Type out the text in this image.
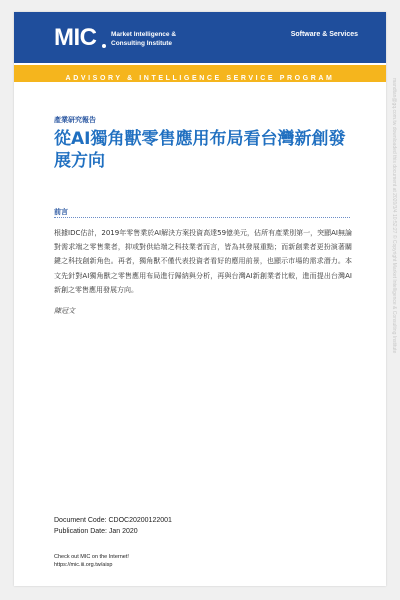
MIC Market Intelligence &
Consulting Institute
Software & Services
ADVISORY & INTELLIGENCE SERVICE PROGRAM
產業研究報告
從AI獨角獸零售應用布局看台灣新創發展方向
前言
根據IDC估計，2019年零售業於AI解決方案投資高達59億美元，佔所有產業別第一，突顯AI無論對需求端之零售業者，抑或對供給端之科技業者而言，皆為其發展重點；而新創業者更扮演著關鍵之科技創新角色。再者，獨角獸不僅代表投資者看好的應用前景，也顯示市場的需求潛力。本文先針對AI獨角獸之零售應用布局進行歸納與分析，再與台灣AI新創業者比較，進而提出台灣AI新創之零售應用發展方向。
陳冠文
Document Code: CDOC20200122001
Publication Date: Jan 2020
Check out MIC on the Internet!
https://mic.iii.org.tw/aisp
mandtan@gq.com.tw downloaded this document at 2020/3/4 10:52:27 © Copyright Market Intelligence & Consulting Institute
